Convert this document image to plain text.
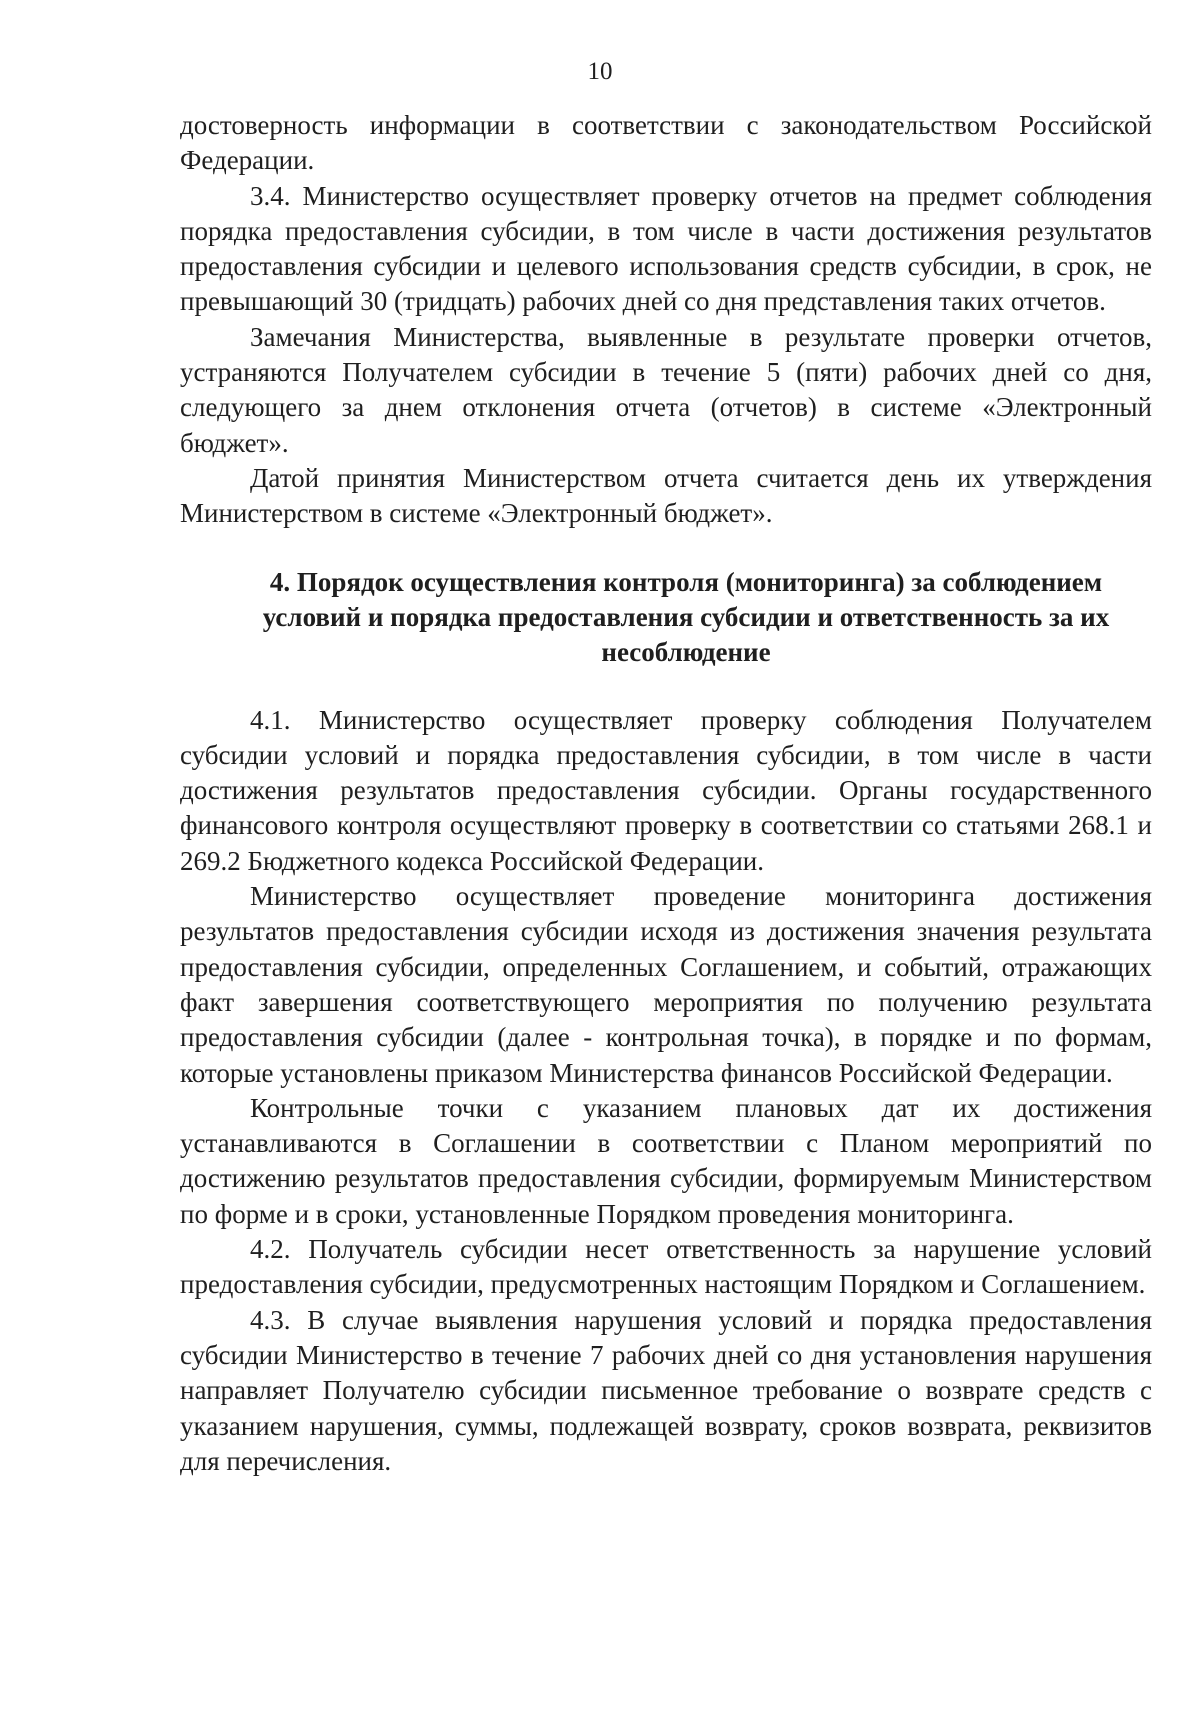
10

достоверность информации в соответствии с законодательством Российской Федерации.

3.4. Министерство осуществляет проверку отчетов на предмет соблюдения порядка предоставления субсидии, в том числе в части достижения результатов предоставления субсидии и целевого использования средств субсидии, в срок, не превышающий 30 (тридцать) рабочих дней со дня представления таких отчетов.

Замечания Министерства, выявленные в результате проверки отчетов, устраняются Получателем субсидии в течение 5 (пяти) рабочих дней со дня, следующего за днем отклонения отчета (отчетов) в системе «Электронный бюджет».

Датой принятия Министерством отчета считается день их утверждения Министерством в системе «Электронный бюджет».

4. Порядок осуществления контроля (мониторинга) за соблюдением условий и порядка предоставления субсидии и ответственность за их несоблюдение

4.1. Министерство осуществляет проверку соблюдения Получателем субсидии условий и порядка предоставления субсидии, в том числе в части достижения результатов предоставления субсидии. Органы государственного финансового контроля осуществляют проверку в соответствии со статьями 268.1 и 269.2 Бюджетного кодекса Российской Федерации.

Министерство осуществляет проведение мониторинга достижения результатов предоставления субсидии исходя из достижения значения результата предоставления субсидии, определенных Соглашением, и событий, отражающих факт завершения соответствующего мероприятия по получению результата предоставления субсидии (далее - контрольная точка), в порядке и по формам, которые установлены приказом Министерства финансов Российской Федерации.

Контрольные точки с указанием плановых дат их достижения устанавливаются в Соглашении в соответствии с Планом мероприятий по достижению результатов предоставления субсидии, формируемым Министерством по форме и в сроки, установленные Порядком проведения мониторинга.

4.2. Получатель субсидии несет ответственность за нарушение условий предоставления субсидии, предусмотренных настоящим Порядком и Соглашением.

4.3. В случае выявления нарушения условий и порядка предоставления субсидии Министерство в течение 7 рабочих дней со дня установления нарушения направляет Получателю субсидии письменное требование о возврате средств с указанием нарушения, суммы, подлежащей возврату, сроков возврата, реквизитов для перечисления.
